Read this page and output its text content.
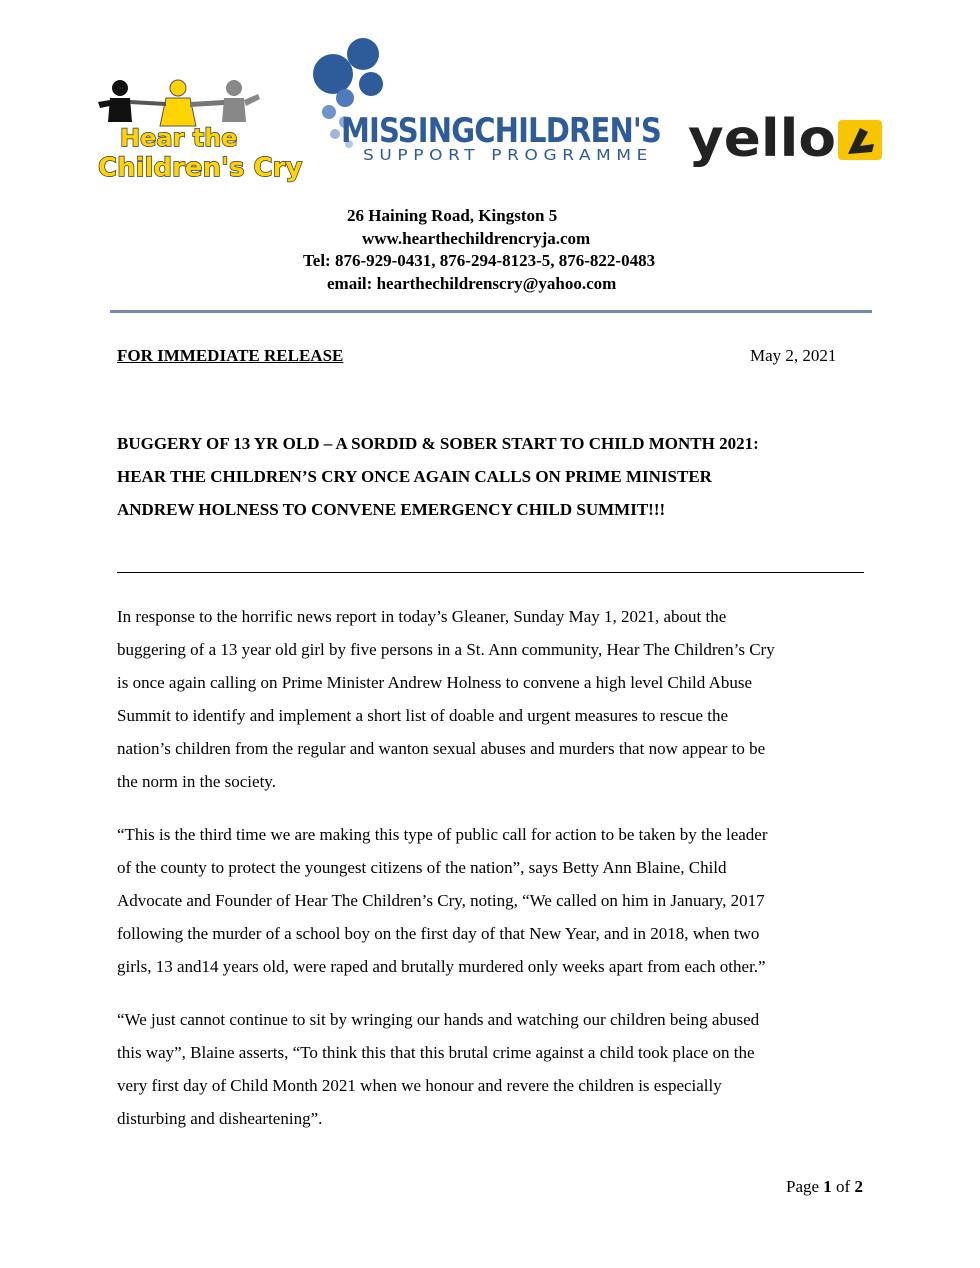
Hear the
Children's Cry
MISSINGCHILDREN'S
SUPPORT PROGRAMME yello
26 Haining Road, Kingston 5
www.hearthechildrencryja.com
Tel: 876-929-0431, 876-294-8123-5, 876-822-0483
email: hearthechildrenscry@yahoo.com
FOR IMMEDIATE RELEASE	May 2, 2021
BUGGERY OF 13 YR OLD – A SORDID & SOBER START TO CHILD MONTH 2021:
HEAR THE CHILDREN’S CRY ONCE AGAIN CALLS ON PRIME MINISTER
ANDREW HOLNESS TO CONVENE EMERGENCY CHILD SUMMIT!!!
In response to the horrific news report in today’s Gleaner, Sunday May 1, 2021, about the
buggering of a 13 year old girl by five persons in a St. Ann community, Hear The Children’s Cry
is once again calling on Prime Minister Andrew Holness to convene a high level Child Abuse
Summit to identify and implement a short list of doable and urgent measures to rescue the
nation’s children from the regular and wanton sexual abuses and murders that now appear to be
the norm in the society.
“This is the third time we are making this type of public call for action to be taken by the leader
of the county to protect the youngest citizens of the nation”, says Betty Ann Blaine, Child
Advocate and Founder of Hear The Children’s Cry, noting, “We called on him in January, 2017
following the murder of a school boy on the first day of that New Year, and in 2018, when two
girls, 13 and14 years old, were raped and brutally murdered only weeks apart from each other.”
“We just cannot continue to sit by wringing our hands and watching our children being abused
this way”, Blaine asserts, “To think this that this brutal crime against a child took place on the
very first day of Child Month 2021 when we honour and revere the children is especially
disturbing and disheartening”.
Page 1 of 2
